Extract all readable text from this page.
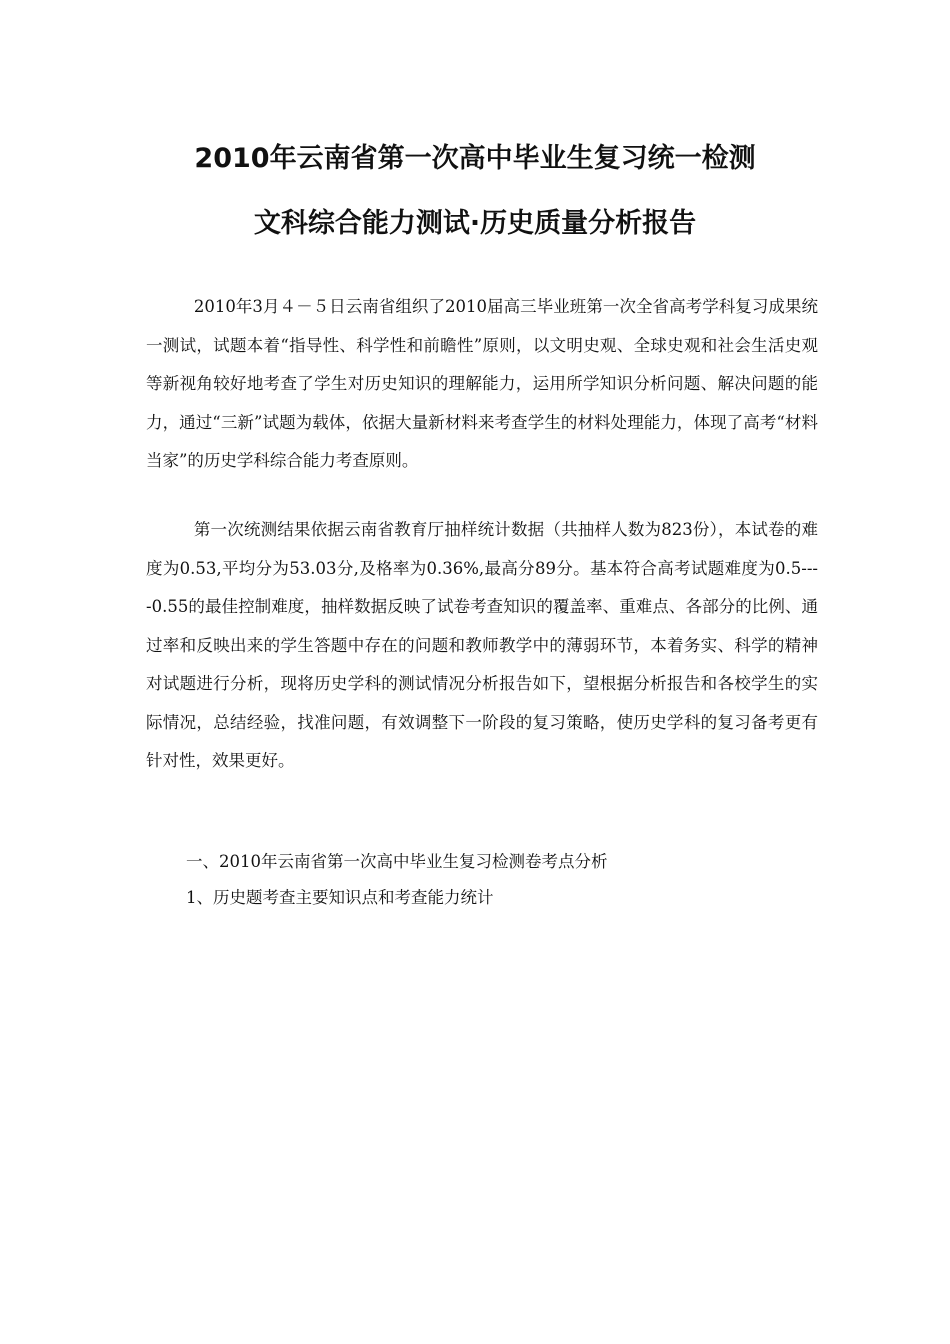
2010年云南省第一次高中毕业生复习统一检测
文科综合能力测试·历史质量分析报告

2010年3月４－５日云南省组织了2010届高三毕业班第一次全省高考学科复习成果统一测试，试题本着“指导性、科学性和前瞻性”原则，以文明史观、全球史观和社会生活史观等新视角较好地考查了学生对历史知识的理解能力，运用所学知识分析问题、解决问题的能力，通过“三新”试题为载体，依据大量新材料来考查学生的材料处理能力，体现了高考“材料当家”的历史学科综合能力考查原则。

第一次统测结果依据云南省教育厅抽样统计数据（共抽样人数为823份），本试卷的难度为0.53,平均分为53.03分,及格率为0.36%,最高分89分。基本符合高考试题难度为0.5----0.55的最佳控制难度，抽样数据反映了试卷考查知识的覆盖率、重难点、各部分的比例、通过率和反映出来的学生答题中存在的问题和教师教学中的薄弱环节，本着务实、科学的精神对试题进行分析，现将历史学科的测试情况分析报告如下，望根据分析报告和各校学生的实际情况，总结经验，找准问题，有效调整下一阶段的复习策略，使历史学科的复习备考更有针对性，效果更好。

一、2010年云南省第一次高中毕业生复习检测卷考点分析

1、历史题考查主要知识点和考查能力统计
